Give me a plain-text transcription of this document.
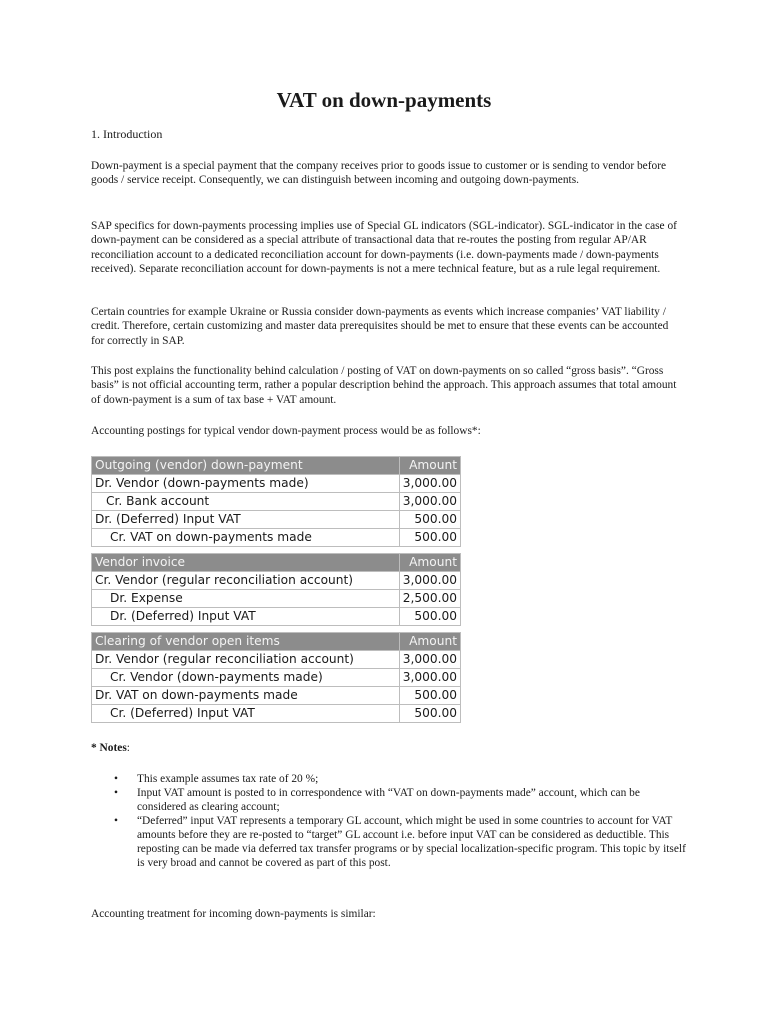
VAT on down-payments
1. Introduction
Down-payment is a special payment that the company receives prior to goods issue to customer or is sending to vendor before goods / service receipt. Consequently, we can distinguish between incoming and outgoing down-payments.
SAP specifics for down-payments processing implies use of Special GL indicators (SGL-indicator). SGL-indicator in the case of down-payment can be considered as a special attribute of transactional data that re-routes the posting from regular AP/AR reconciliation account to a dedicated reconciliation account for down-payments (i.e. down-payments made / down-payments received). Separate reconciliation account for down-payments is not a mere technical feature, but as a rule legal requirement.
Certain countries for example Ukraine or Russia consider down-payments as events which increase companies’ VAT liability / credit. Therefore, certain customizing and master data prerequisites should be met to ensure that these events can be accounted for correctly in SAP.
This post explains the functionality behind calculation / posting of VAT on down-payments on so called “gross basis”. “Gross basis” is not official accounting term, rather a popular description behind the approach. This approach assumes that total amount of down-payment is a sum of tax base + VAT amount.
Accounting postings for typical vendor down-payment process would be as follows*:
Outgoing (vendor) down-payment	Amount
Dr. Vendor (down-payments made)	3,000.00
Cr. Bank account	3,000.00
Dr. (Deferred) Input VAT	500.00
Cr. VAT on down-payments made	500.00
Vendor invoice	Amount
Cr. Vendor (regular reconciliation account)	3,000.00
Dr. Expense	2,500.00
Dr. (Deferred) Input VAT	500.00
Clearing of vendor open items	Amount
Dr. Vendor (regular reconciliation account)	3,000.00
Cr. Vendor (down-payments made)	3,000.00
Dr. VAT on down-payments made	500.00
Cr. (Deferred) Input VAT	500.00
* Notes:
• This example assumes tax rate of 20 %;
• Input VAT amount is posted to in correspondence with “VAT on down-payments made” account, which can be considered as clearing account;
• “Deferred” input VAT represents a temporary GL account, which might be used in some countries to account for VAT amounts before they are re-posted to “target” GL account i.e. before input VAT can be considered as deductible. This reposting can be made via deferred tax transfer programs or by special localization-specific program. This topic by itself is very broad and cannot be covered as part of this post.
Accounting treatment for incoming down-payments is similar:
